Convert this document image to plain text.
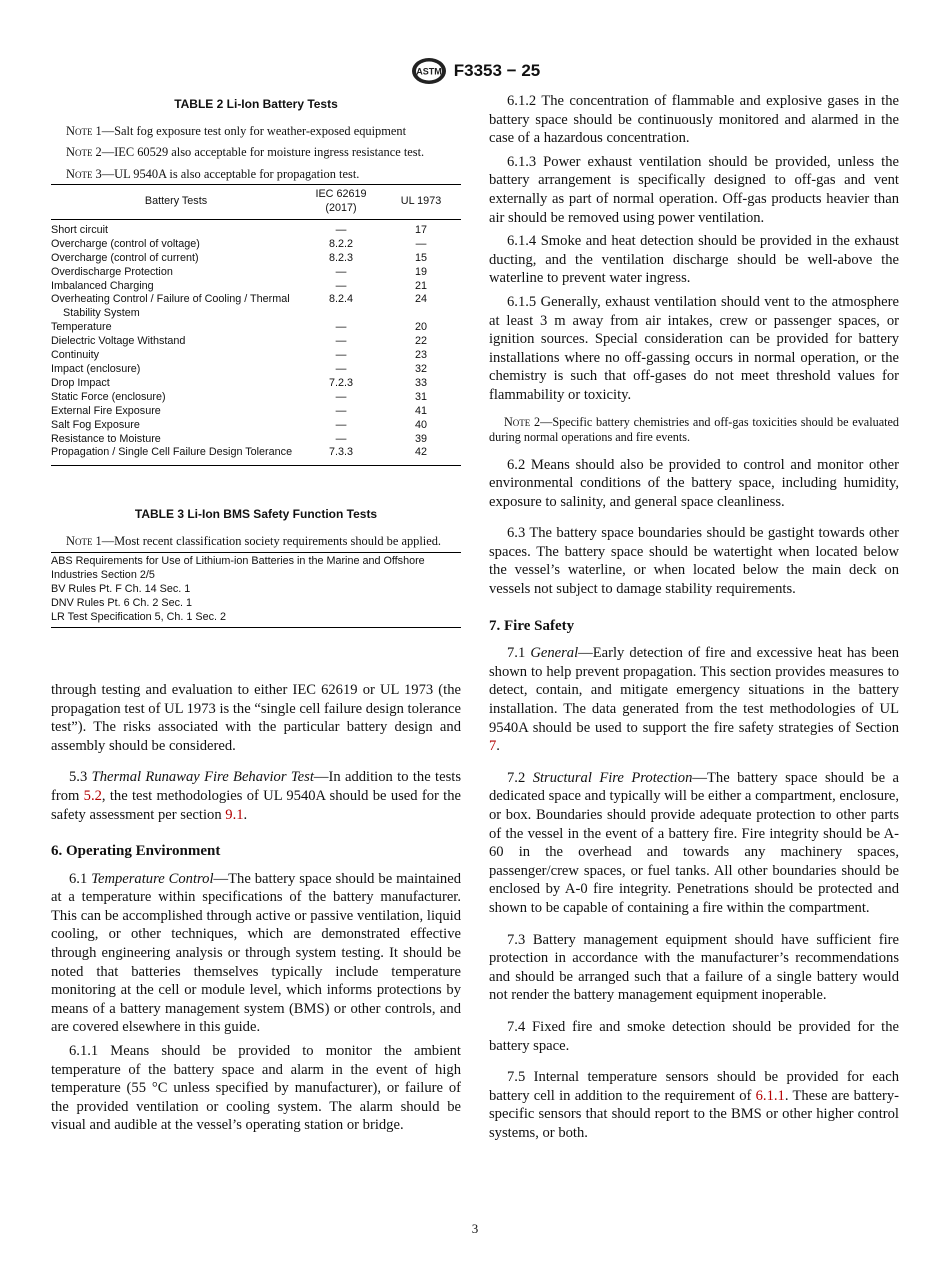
ASTM F3353 − 25
TABLE 2 Li-Ion Battery Tests

Note 1—Salt fog exposure test only for weather-exposed equipment

Note 2—IEC 60529 also acceptable for moisture ingress resistance test.

Note 3—UL 9540A is also acceptable for propagation test.

Battery Tests	IEC 62619 (2017)	UL 1973

Short circuit	—	17

Overcharge (control of voltage)	8.2.2	—

Overcharge (control of current)	8.2.3	15

Overdischarge Protection	—	19

Imbalanced Charging	—	21

Overheating Control / Failure of Cooling / Thermal Stability System	8.2.4	24

Temperature	—	20

Dielectric Voltage Withstand	—	22

Continuity	—	23

Impact (enclosure)	—	32

Drop Impact	7.2.3	33

Static Force (enclosure)	—	31

External Fire Exposure	—	41

Salt Fog Exposure	—	40

Resistance to Moisture	—	39

Propagation / Single Cell Failure Design Tolerance	7.3.3	42
TABLE 3 Li-Ion BMS Safety Function Tests

Note 1—Most recent classification society requirements should be applied.

ABS Requirements for Use of Lithium-ion Batteries in the Marine and Offshore Industries Section 2/5
BV Rules Pt. F Ch. 14 Sec. 1
DNV Rules Pt. 6 Ch. 2 Sec. 1
LR Test Specification 5, Ch. 1 Sec. 2

through testing and evaluation to either IEC 62619 or UL 1973 (the propagation test of UL 1973 is the “single cell failure design tolerance test”). The risks associated with the particular battery design and assembly should be considered.

5.3 Thermal Runaway Fire Behavior Test—In addition to the tests from 5.2, the test methodologies of UL 9540A should be used for the safety assessment per section 9.1.

6. Operating Environment

6.1 Temperature Control—The battery space should be maintained at a temperature within specifications of the battery manufacturer. This can be accomplished through active or passive ventilation, liquid cooling, or other techniques, which are demonstrated effective through engineering analysis or through system testing. It should be noted that batteries themselves typically include temperature monitoring at the cell or module level, which informs protections by means of a battery management system (BMS) or other controls, and are covered elsewhere in this guide.

6.1.1 Means should be provided to monitor the ambient temperature of the battery space and alarm in the event of high temperature (55 °C unless specified by manufacturer), or failure of the provided ventilation or cooling system. The alarm should be visual and audible at the vessel’s operating station or bridge.

6.1.2 The concentration of flammable and explosive gases in the battery space should be continuously monitored and alarmed in the case of a hazardous concentration.

6.1.3 Power exhaust ventilation should be provided, unless the battery arrangement is specifically designed to off-gas and vent externally as part of normal operation. Off-gas products heavier than air should be removed using power ventilation.

6.1.4 Smoke and heat detection should be provided in the exhaust ducting, and the ventilation discharge should be well-above the waterline to prevent water ingress.

6.1.5 Generally, exhaust ventilation should vent to the atmosphere at least 3 m away from air intakes, crew or passenger spaces, or ignition sources. Special consideration can be provided for battery installations where no off-gassing occurs in normal operation, or the chemistry is such that off-gases do not meet threshold values for flammability or toxicity.

Note 2—Specific battery chemistries and off-gas toxicities should be evaluated during normal operations and fire events.

6.2 Means should also be provided to control and monitor other environmental conditions of the battery space, including humidity, exposure to salinity, and general space cleanliness.

6.3 The battery space boundaries should be gastight towards other spaces. The battery space should be watertight when located below the vessel’s waterline, or when located below the main deck on vessels not subject to damage stability requirements.

7. Fire Safety

7.1 General—Early detection of fire and excessive heat has been shown to help prevent propagation. This section provides measures to detect, contain, and mitigate emergency situations in the battery installation. The data generated from the test methodologies of UL 9540A should be used to support the fire safety strategies of Section 7.

7.2 Structural Fire Protection—The battery space should be a dedicated space and typically will be either a compartment, enclosure, or box. Boundaries should provide adequate protection to other parts of the vessel in the event of a battery fire. Fire integrity should be A-60 in the overhead and towards any machinery spaces, passenger/crew spaces, or fuel tanks. All other boundaries should be enclosed by A-0 fire integrity. Penetrations should be protected and shown to be capable of containing a fire within the compartment.

7.3 Battery management equipment should have sufficient fire protection in accordance with the manufacturer’s recommendations and should be arranged such that a failure of a single battery would not render the battery management equipment inoperable.

7.4 Fixed fire and smoke detection should be provided for the battery space.

7.5 Internal temperature sensors should be provided for each battery cell in addition to the requirement of 6.1.1. These are battery-specific sensors that should report to the BMS or other higher control systems, or both.

3
